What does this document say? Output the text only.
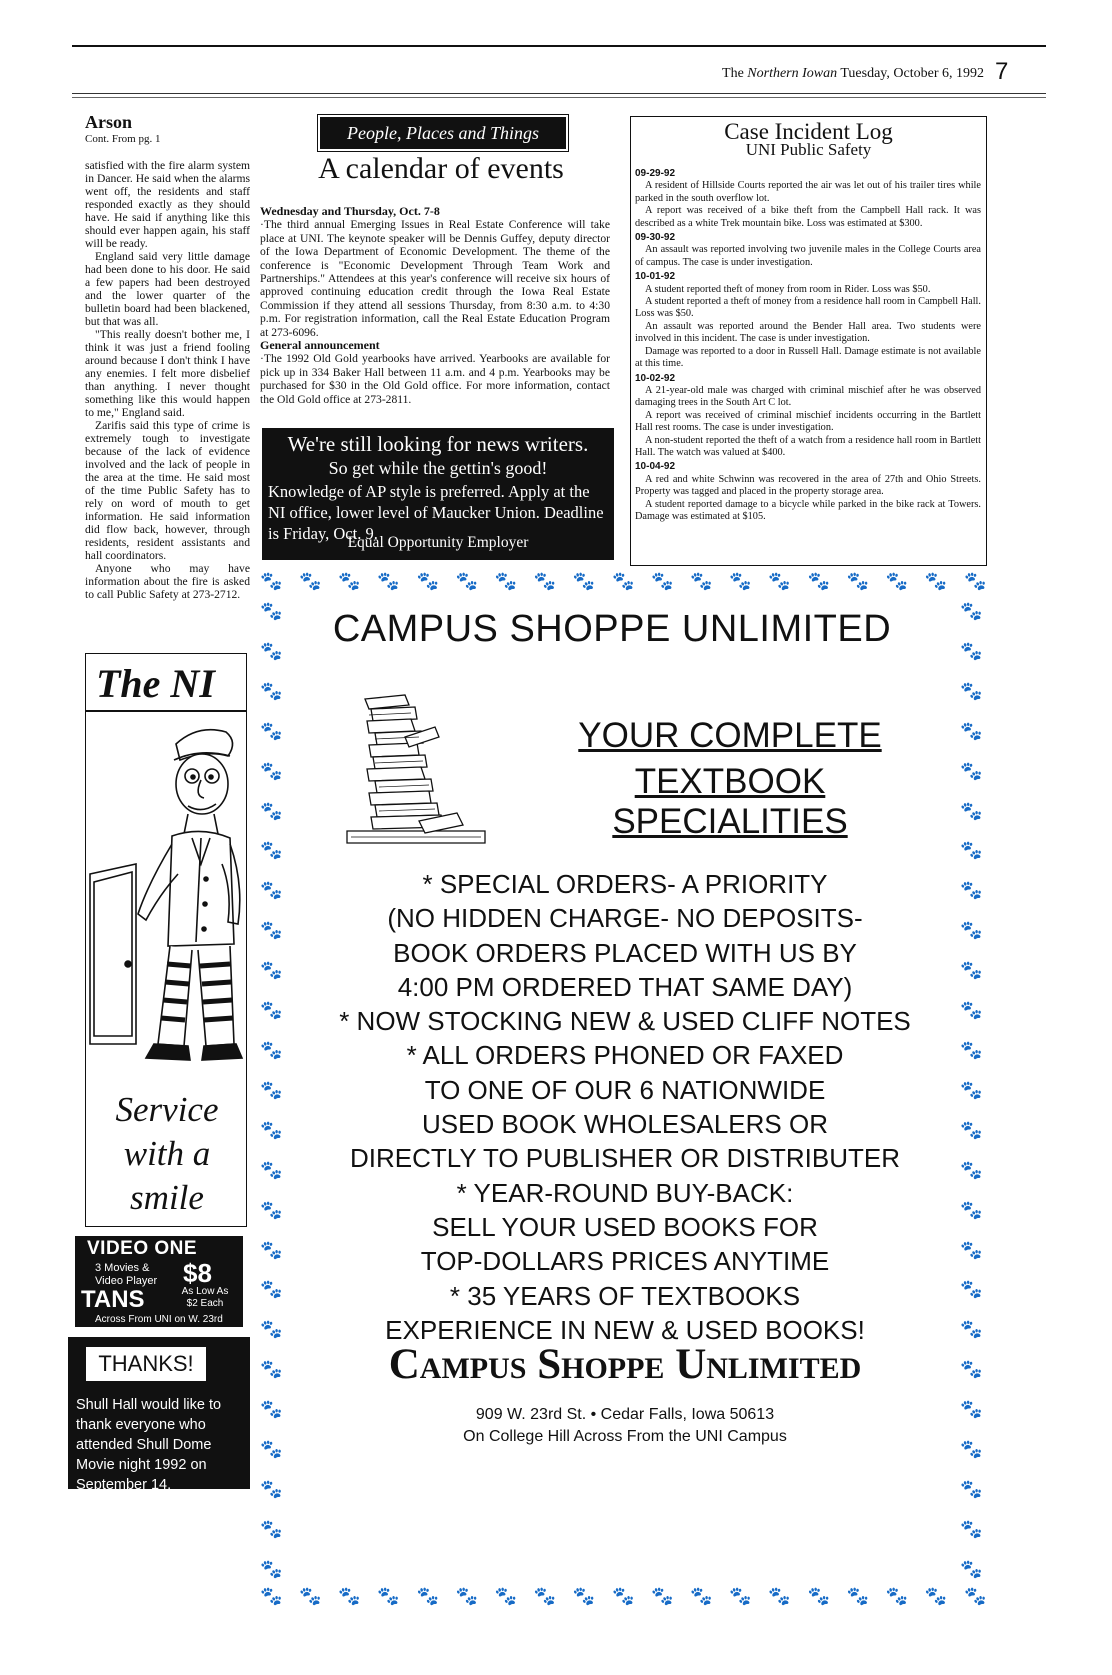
The Northern Iowan Tuesday, October 6, 1992 7
Arson
Cont. From pg. 1

satisfied with the fire alarm system in Dancer. He said when the alarms went off, the residents and staff responded exactly as they should have. He said if anything like this should ever happen again, his staff will be ready.

England said very little damage had been done to his door. He said a few papers had been destroyed and the lower quarter of the bulletin board had been blackened, but that was all.

"This really doesn't bother me, I think it was just a friend fooling around because I don't think I have any enemies. I felt more disbelief than anything. I never thought something like this would happen to me," England said.

Zarifis said this type of crime is extremely tough to investigate because of the lack of evidence involved and the lack of people in the area at the time. He said most of the time Public Safety has to rely on word of mouth to get information. He said information did flow back, however, through residents, resident assistants and hall coordinators.

Anyone who may have information about the fire is asked to call Public Safety at 273-2712.

The NI
Service with a smile
VIDEO ONE
3 Movies & Video Player $8
TANS	As Low As $2 Each
Across From UNI on W. 23rd
THANKS!
Shull Hall would like to thank everyone who attended Shull Dome Movie night 1992 on September 14.
People, Places and Things
A calendar of events

Wednesday and Thursday, Oct. 7-8

·The third annual Emerging Issues in Real Estate Conference will take place at UNI. The keynote speaker will be Dennis Guffey, deputy director of the Iowa Department of Economic Development. The theme of the conference is "Economic Development Through Team Work and Partnerships." Attendees at this year's conference will receive six hours of approved continuing education credit through the Iowa Real Estate Commission if they attend all sessions Thursday, from 8:30 a.m. to 4:30 p.m. For registration information, call the Real Estate Education Program at 273-6096.

General announcement

·The 1992 Old Gold yearbooks have arrived. Yearbooks are available for pick up in 334 Baker Hall between 11 a.m. and 4 p.m. Yearbooks may be purchased for $30 in the Old Gold office. For more information, contact the Old Gold office at 273-2811.

We're still looking for news writers.
So get while the gettin's good!
Knowledge of AP style is preferred. Apply at the NI office, lower level of Maucker Union. Deadline is Friday, Oct. 9.
Equal Opportunity Employer
Case Incident Log
UNI Public Safety
09-29-92
A resident of Hillside Courts reported the air was let out of his trailer tires while parked in the south overflow lot.
A report was received of a bike theft from the Campbell Hall rack. It was described as a white Trek mountain bike. Loss was estimated at $300.
09-30-92
An assault was reported involving two juvenile males in the College Courts area of campus. The case is under investigation.
10-01-92
A student reported theft of money from room in Rider. Loss was $50.
A student reported a theft of money from a residence hall room in Campbell Hall. Loss was $50.
An assault was reported around the Bender Hall area. Two students were involved in this incident. The case is under investigation.
Damage was reported to a door in Russell Hall. Damage estimate is not available at this time.
10-02-92
A 21-year-old male was charged with criminal mischief after he was observed damaging trees in the South Art C lot.
A report was received of criminal mischief incidents occurring in the Bartlett Hall rest rooms. The case is under investigation.
A non-student reported the theft of a watch from a residence hall room in Bartlett Hall. The watch was valued at $400.
10-04-92
A red and white Schwinn was recovered in the area of 27th and Ohio Streets. Property was tagged and placed in the property storage area.
A student reported damage to a bicycle while parked in the bike rack at Towers. Damage was estimated at $105.
🐾 🐾 🐾 🐾 🐾 🐾 🐾 🐾 🐾 🐾 🐾 🐾 🐾 🐾 🐾 🐾 🐾 🐾 🐾
🐾 🐾 🐾 🐾 🐾 🐾 🐾 🐾 🐾 🐾 🐾 🐾 🐾 🐾 🐾 🐾 🐾 🐾 🐾
🐾
🐾
🐾
🐾
🐾
🐾
🐾
🐾
🐾
🐾
🐾
🐾
🐾
🐾
🐾
🐾
🐾
🐾
🐾
🐾
🐾
🐾
🐾
🐾
🐾
🐾
🐾
🐾
🐾
🐾
🐾
🐾
🐾
🐾
🐾
🐾
🐾
🐾
🐾
🐾
🐾
🐾
🐾
🐾
🐾
🐾
🐾
🐾
🐾
🐾
CAMPUS SHOPPE UNLIMITED
YOUR COMPLETE
TEXTBOOK SPECIALITIES
* SPECIAL ORDERS- A PRIORITY
(NO HIDDEN CHARGE- NO DEPOSITS-
BOOK ORDERS PLACED WITH US BY
4:00 PM ORDERED THAT SAME DAY)
* NOW STOCKING NEW & USED CLIFF NOTES
* ALL ORDERS PHONED OR FAXED
TO ONE OF OUR 6 NATIONWIDE
USED BOOK WHOLESALERS OR
DIRECTLY TO PUBLISHER OR DISTRIBUTER
* YEAR-ROUND BUY-BACK:
SELL YOUR USED BOOKS FOR
TOP-DOLLARS PRICES ANYTIME
* 35 YEARS OF TEXTBOOKS
EXPERIENCE IN NEW & USED BOOKS!
Campus Shoppe Unlimited
909 W. 23rd St. • Cedar Falls, Iowa 50613
On College Hill Across From the UNI Campus
